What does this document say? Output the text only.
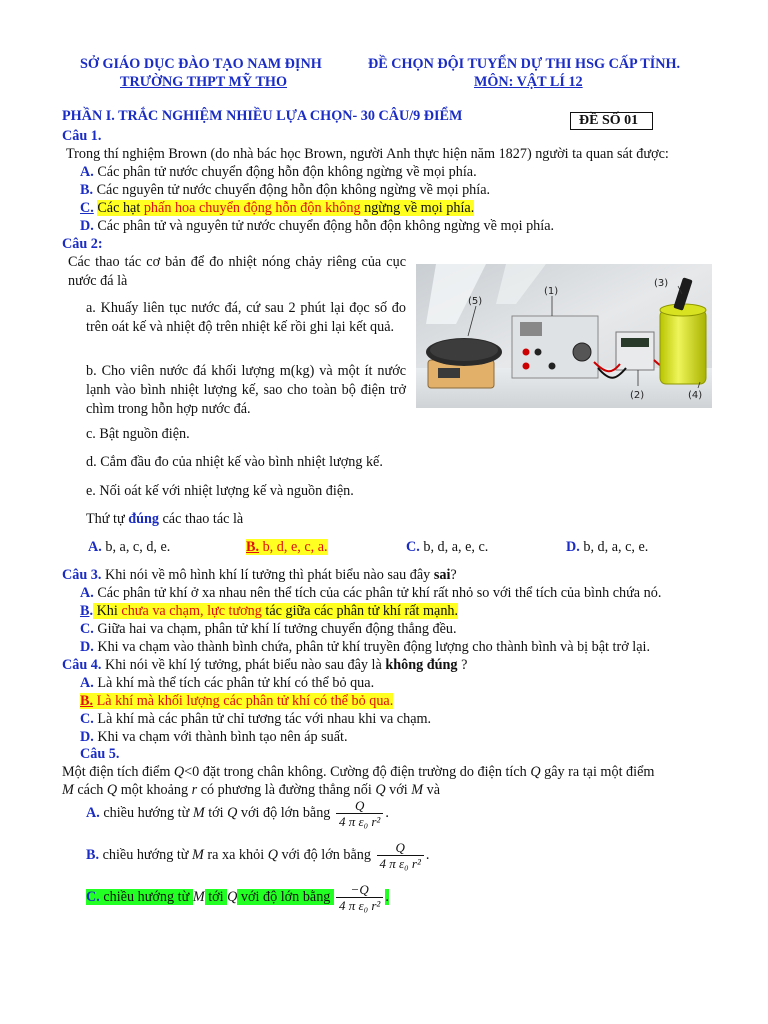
SỞ GIÁO DỤC ĐÀO TẠO NAM ĐỊNH
TRƯỜNG THPT MỸ THO
ĐỀ CHỌN ĐỘI TUYỂN DỰ THI HSG CẤP TỈNH.
MÔN: VẬT LÍ 12
PHẦN I. TRẮC NGHIỆM NHIỀU LỰA CHỌN- 30 CÂU/9 ĐIỂM	ĐỀ SỐ 01
Câu 1.
Trong thí nghiệm Brown (do nhà bác học Brown, người Anh thực hiện năm 1827) người ta quan sát được:
A. Các phân tử nước chuyển động hỗn độn không ngừng về mọi phía.
B. Các nguyên tử nước chuyển động hỗn độn không ngừng về mọi phía.
C. Các hạt phấn hoa chuyển động hỗn độn không ngừng về mọi phía.
D. Các phân tử và nguyên tử nước chuyển động hỗn độn không ngừng về mọi phía.
Câu 2:
Các thao tác cơ bản để đo nhiệt nóng chảy riêng của cục nước đá là
a. Khuấy liên tục nước đá, cứ sau 2 phút lại đọc số đo trên oát kế và nhiệt độ trên nhiệt kế rồi ghi lại kết quả.
b. Cho viên nước đá khối lượng m(kg) và một ít nước lạnh vào bình nhiệt lượng kế, sao cho toàn bộ điện trở chìm trong hỗn hợp nước đá.
c. Bật nguồn điện.
d. Cắm đầu đo của nhiệt kế vào bình nhiệt lượng kế.
e. Nối oát kế với nhiệt lượng kế và nguồn điện.
Thứ tự đúng các thao tác là
(5)
(1)
(2)	(4)
(3)
A. b, a, c, d, e.	B. b, d, e, c, a.	C. b, d, a, e, c.	D. b, d, a, c, e.
Câu 3. Khi nói về mô hình khí lí tưởng thì phát biểu nào sau đây sai?
A. Các phân tử khí ở xa nhau nên thể tích của các phân tử khí rất nhỏ so với thể tích của bình chứa nó.
B. Khi chưa va chạm, lực tương tác giữa các phân tử khí rất mạnh.
C. Giữa hai va chạm, phân tử khí lí tưởng chuyển động thẳng đều.
D. Khi va chạm vào thành bình chứa, phân tử khí truyền động lượng cho thành bình và bị bật trở lại.
Câu 4. Khi nói về khí lý tưởng, phát biểu nào sau đây là không đúng ?
A. Là khí mà thể tích các phân tử khí có thể bỏ qua.
B. Là khí mà khối lượng các phân tử khí có thể bỏ qua.
C. Là khí mà các phân tử chỉ tương tác với nhau khi va chạm.
D. Khi va chạm với thành bình tạo nên áp suất.
Câu 5.
Một điện tích điểm Q<0 đặt trong chân không. Cường độ điện trường do điện tích Q gây ra tại một điểm
M cách Q một khoảng r có phương là đường thẳng nối Q với M và
A. chiều hướng từ M tới Q với độ lớn bằng $\frac{Q}{\text{4 π ε₀ r²}}$ .
B. chiều hướng từ M ra xa khỏi Q với độ lớn bằng $\frac{Q}{\text{4 π ε₀ r²}}$ .
C. chiều hướng từ M tới Q với độ lớn bằng $\frac{-Q}{\text{4 π ε₀ r²}}$ .
